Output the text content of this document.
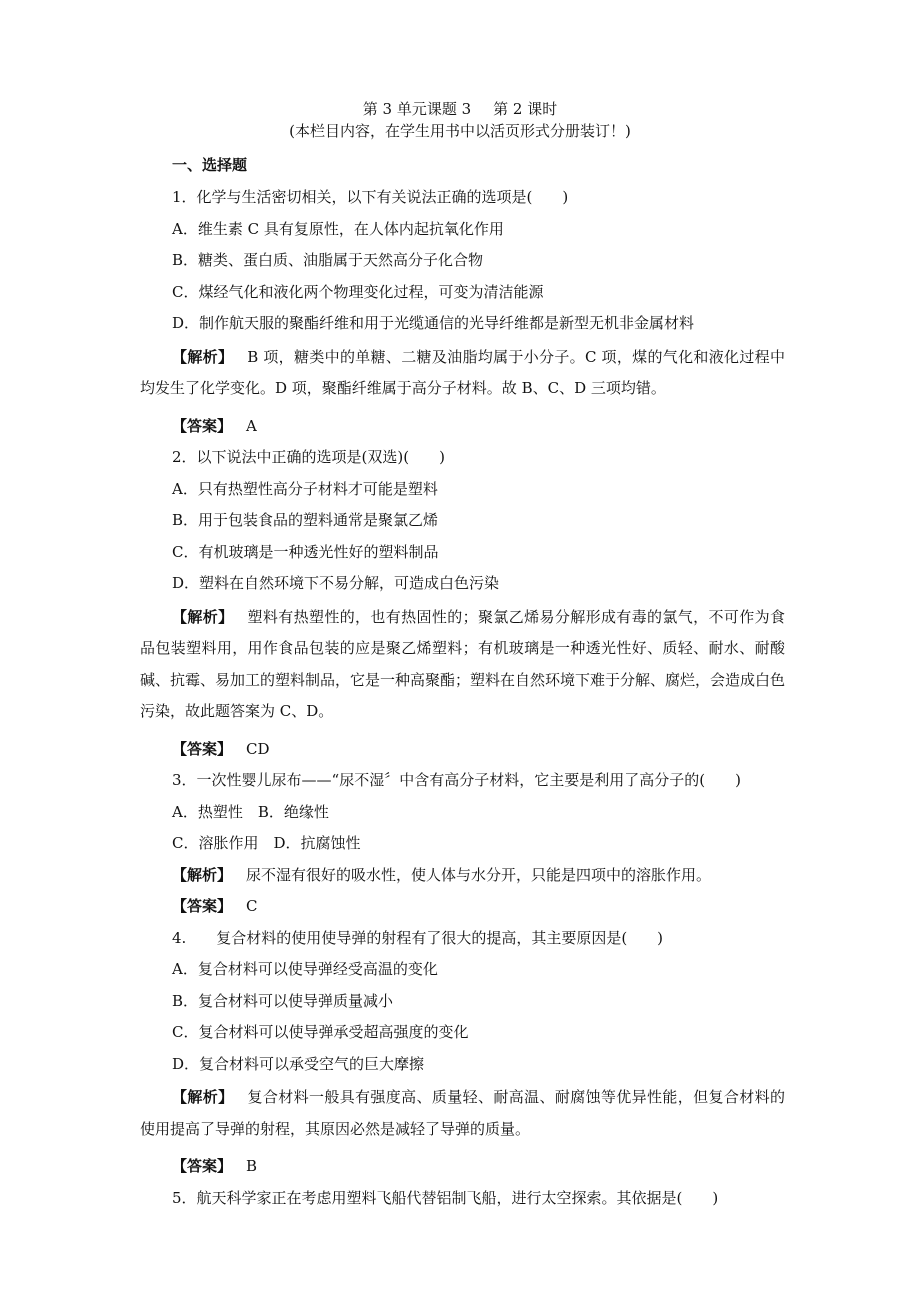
第 3 单元课题 3 第 2 课时
(本栏目内容，在学生用书中以活页形式分册装订！)
一、选择题
1．化学与生活密切相关，以下有关说法正确的选项是(　　)
A．维生素 C 具有复原性，在人体内起抗氧化作用
B．糖类、蛋白质、油脂属于天然高分子化合物
C．煤经气化和液化两个物理变化过程，可变为清洁能源
D．制作航天服的聚酯纤维和用于光缆通信的光导纤维都是新型无机非金属材料
【解析】 B 项，糖类中的单糖、二糖及油脂均属于小分子。C 项，煤的气化和液化过程中均发生了化学变化。D 项，聚酯纤维属于高分子材料。故 B、C、D 三项均错。
【答案】 A
2．以下说法中正确的选项是(双选)(　　)
A．只有热塑性高分子材料才可能是塑料
B．用于包装食品的塑料通常是聚氯乙烯
C．有机玻璃是一种透光性好的塑料制品
D．塑料在自然环境下不易分解，可造成白色污染
【解析】 塑料有热塑性的，也有热固性的；聚氯乙烯易分解形成有毒的氯气，不可作为食品包装塑料用，用作食品包装的应是聚乙烯塑料；有机玻璃是一种透光性好、质轻、耐水、耐酸碱、抗霉、易加工的塑料制品，它是一种高聚酯；塑料在自然环境下难于分解、腐烂，会造成白色污染，故此题答案为 C、D。
【答案】 CD
3．一次性婴儿尿布——“尿不湿〞中含有高分子材料，它主要是利用了高分子的(　　)
A．热塑性　B．绝缘性
C．溶胀作用　D．抗腐蚀性
【解析】 尿不湿有很好的吸水性，使人体与水分开，只能是四项中的溶胀作用。
【答案】 C
4.　　复合材料的使用使导弹的射程有了很大的提高，其主要原因是(　　)
A．复合材料可以使导弹经受高温的变化
B．复合材料可以使导弹质量减小
C．复合材料可以使导弹承受超高强度的变化
D．复合材料可以承受空气的巨大摩擦
【解析】 复合材料一般具有强度高、质量轻、耐高温、耐腐蚀等优异性能，但复合材料的使用提高了导弹的射程，其原因必然是减轻了导弹的质量。
【答案】 B
5．航天科学家正在考虑用塑料飞船代替铝制飞船，进行太空探索。其依据是(　　)
